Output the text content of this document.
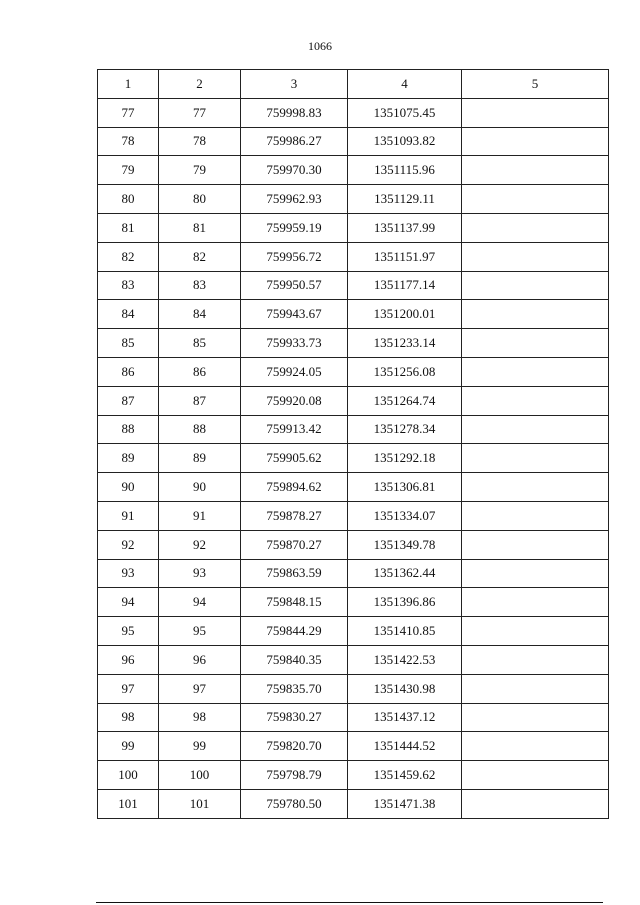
1066
1	2	3	4	5
77	77	759998.83	1351075.45	
78	78	759986.27	1351093.82	
79	79	759970.30	1351115.96	
80	80	759962.93	1351129.11	
81	81	759959.19	1351137.99	
82	82	759956.72	1351151.97	
83	83	759950.57	1351177.14	
84	84	759943.67	1351200.01	
85	85	759933.73	1351233.14	
86	86	759924.05	1351256.08	
87	87	759920.08	1351264.74	
88	88	759913.42	1351278.34	
89	89	759905.62	1351292.18	
90	90	759894.62	1351306.81	
91	91	759878.27	1351334.07	
92	92	759870.27	1351349.78	
93	93	759863.59	1351362.44	
94	94	759848.15	1351396.86	
95	95	759844.29	1351410.85	
96	96	759840.35	1351422.53	
97	97	759835.70	1351430.98	
98	98	759830.27	1351437.12	
99	99	759820.70	1351444.52	
100	100	759798.79	1351459.62	
101	101	759780.50	1351471.38	
